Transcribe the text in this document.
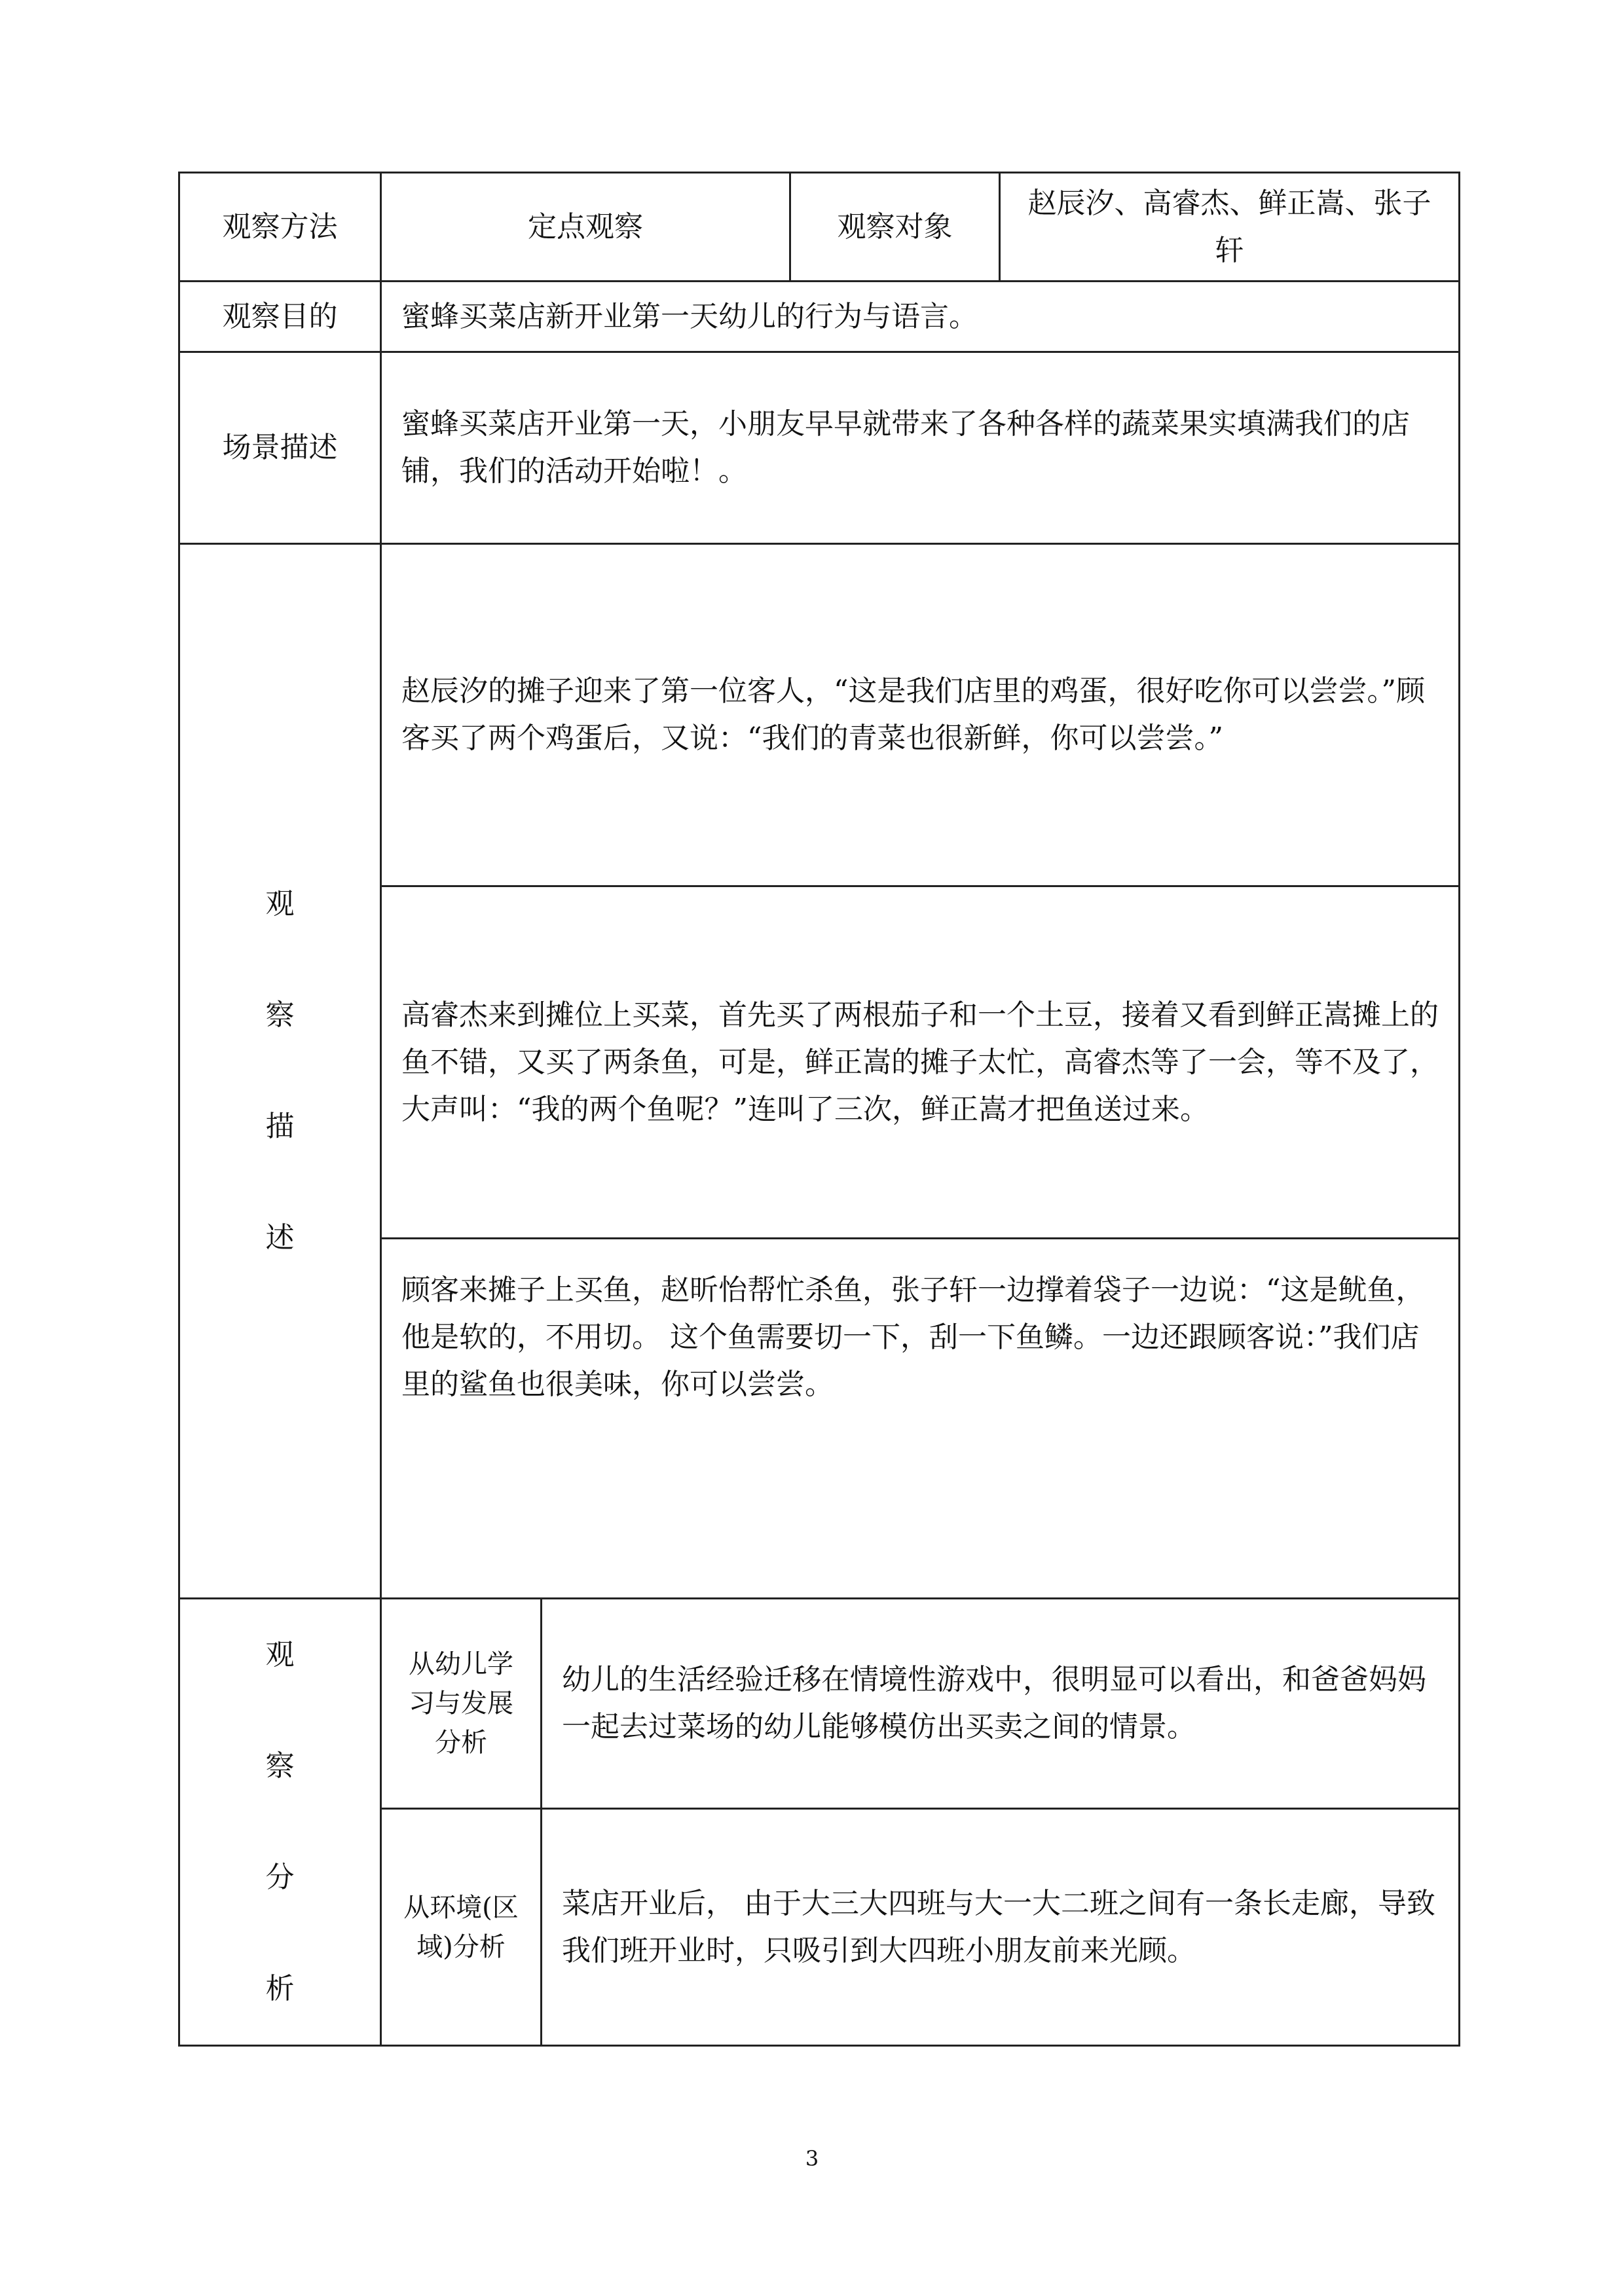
观察方法	定点观察		观察对象	赵辰汐、高睿杰、鲜正嵩、张子轩
观察目的	蜜蜂买菜店新开业第一天幼儿的行为与语言。			
场景描述	蜜蜂买菜店开业第一天，小朋友早早就带来了各种各样的蔬菜果实填满我们的店铺，我们的活动开始啦！。			

观
察
描
述	赵辰汐的摊子迎来了第一位客人，“这是我们店里的鸡蛋，很好吃你可以尝尝。”顾客买了两个鸡蛋后，又说：“我们的青菜也很新鲜，你可以尝尝。”			

	高睿杰来到摊位上买菜，首先买了两根茄子和一个土豆，接着又看到鲜正嵩摊上的鱼不错，又买了两条鱼，可是，鲜正嵩的摊子太忙，高睿杰等了一会，等不及了，大声叫：“我的两个鱼呢？”连叫了三次，鲜正嵩才把鱼送过来。			

	顾客来摊子上买鱼，赵昕怡帮忙杀鱼，张子轩一边撑着袋子一边说：“这是鱿鱼，他是软的，不用切。 这个鱼需要切一下，刮一下鱼鳞。一边还跟顾客说：”我们店里的鲨鱼也很美味，你可以尝尝。			

观
察
分
析	从幼儿学习与发展分析	幼儿的生活经验迁移在情境性游戏中，很明显可以看出，和爸爸妈妈一起去过菜场的幼儿能够模仿出买卖之间的情景。		
	从环境(区域)分析	菜店开业后， 由于大三大四班与大一大二班之间有一条长走廊，导致我们班开业时，只吸引到大四班小朋友前来光顾。		
3
